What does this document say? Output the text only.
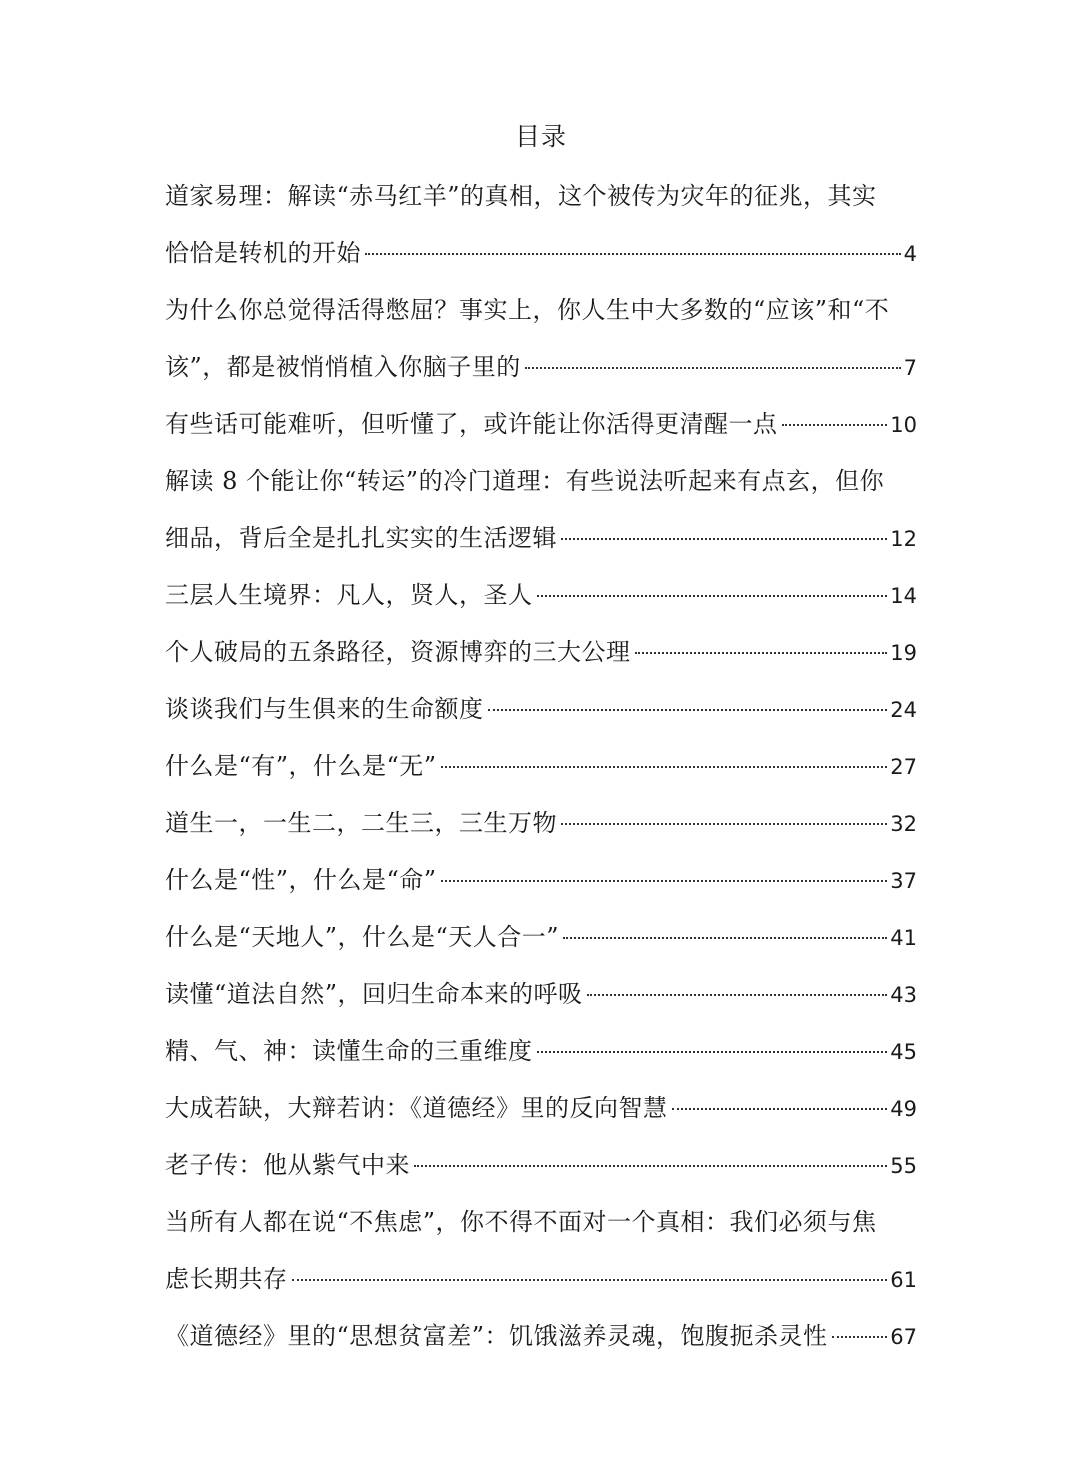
目录
道家易理：解读“赤马红羊”的真相，这个被传为灾年的征兆，其实
恰恰是转机的开始	4
为什么你总觉得活得憋屈？事实上，你人生中大多数的“应该”和“不
该”，都是被悄悄植入你脑子里的	7
有些话可能难听，但听懂了，或许能让你活得更清醒一点	10
解读 8 个能让你“转运”的冷门道理：有些说法听起来有点玄，但你
细品，背后全是扎扎实实的生活逻辑	12
三层人生境界：凡人，贤人，圣人	14
个人破局的五条路径，资源博弈的三大公理	19
谈谈我们与生俱来的生命额度	24
什么是“有”，什么是“无”	27
道生一，一生二，二生三，三生万物	32
什么是“性”，什么是“命”	37
什么是“天地人”，什么是“天人合一”	41
读懂“道法自然”，回归生命本来的呼吸	43
精、气、神：读懂生命的三重维度	45
大成若缺，大辩若讷：《道德经》里的反向智慧	49
老子传：他从紫气中来	55
当所有人都在说“不焦虑”，你不得不面对一个真相：我们必须与焦
虑长期共存	61
《道德经》里的“思想贫富差”：饥饿滋养灵魂，饱腹扼杀灵性	67
